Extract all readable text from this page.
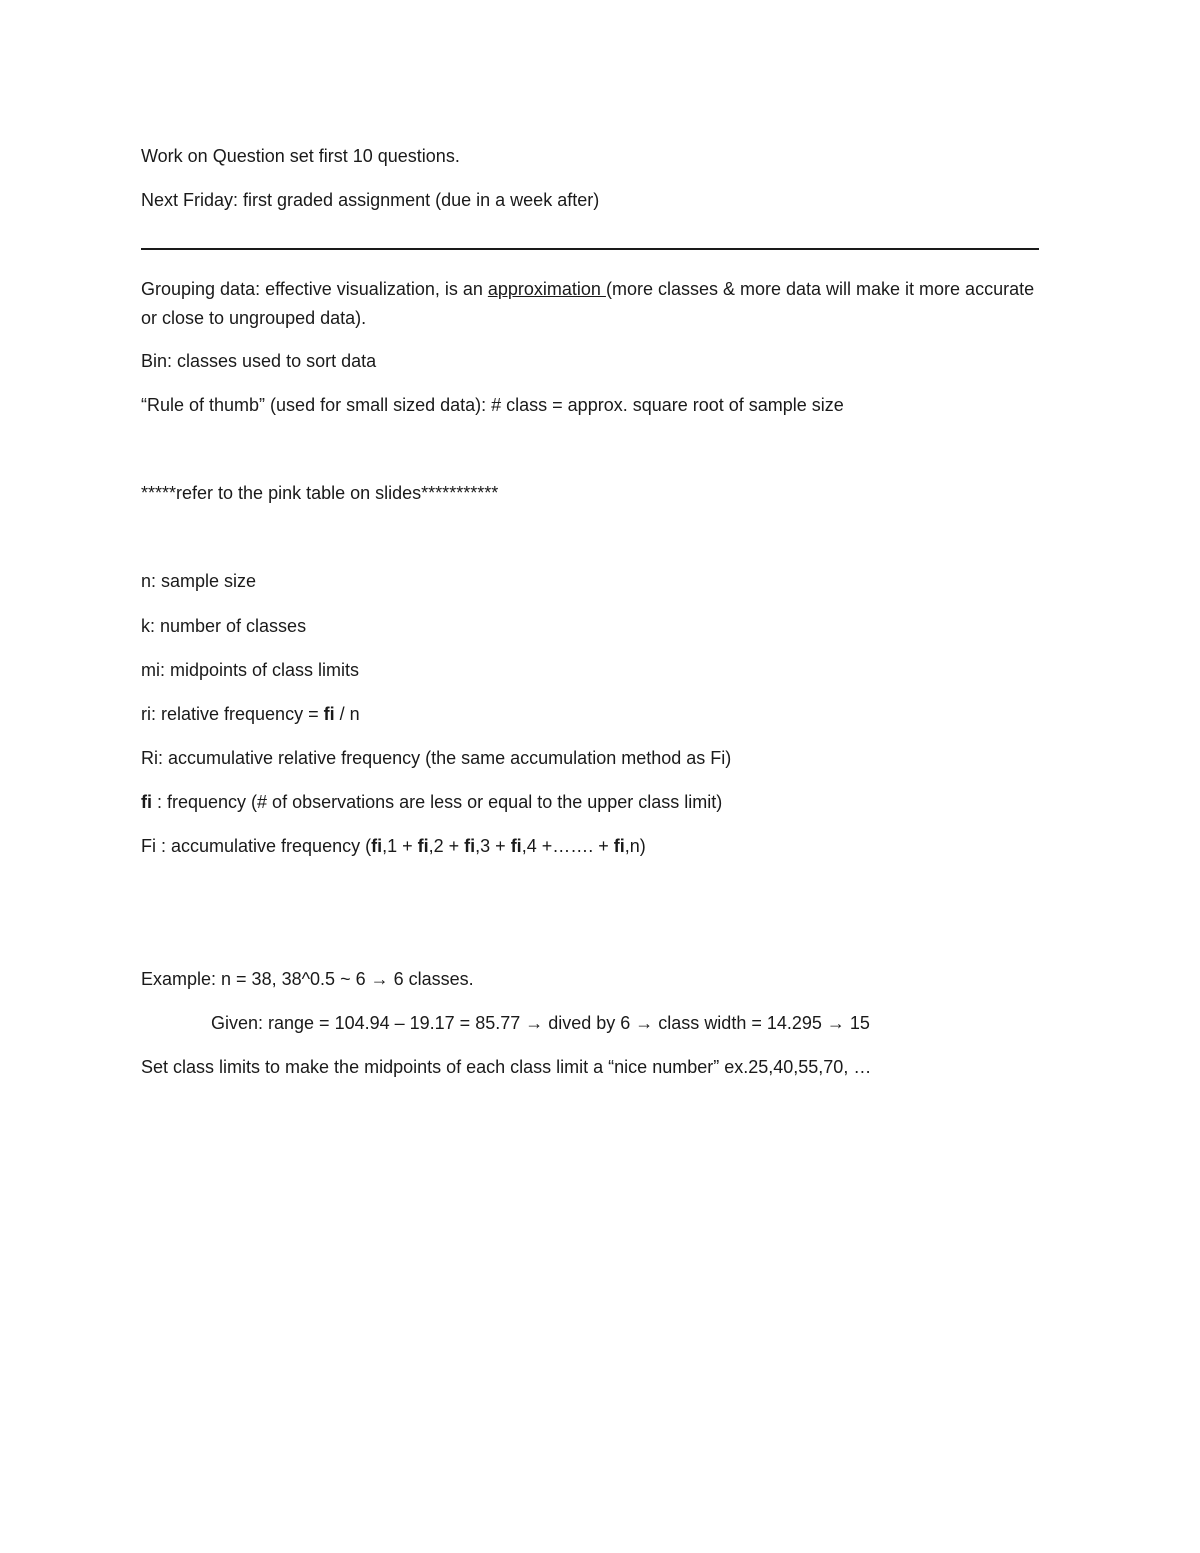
Work on Question set first 10 questions.
Next Friday: first graded assignment (due in a week after)
Grouping data: effective visualization, is an approximation (more classes & more data will make it more accurate or close to ungrouped data).
Bin: classes used to sort data
“Rule of thumb” (used for small sized data): # class = approx. square root of sample size
*****refer to the pink table on slides***********
n: sample size
k: number of classes
mi: midpoints of class limits
ri: relative frequency = fi / n
Ri: accumulative relative frequency (the same accumulation method as Fi)
fi : frequency (# of observations are less or equal to the upper class limit)
Fi : accumulative frequency (fi,1 + fi,2 + fi,3 + fi,4 +……. + fi,n)
Example: n = 38, 38^0.5 ~ 6 → 6 classes.
Given: range = 104.94 – 19.17 = 85.77 → dived by 6 → class width = 14.295 → 15
Set class limits to make the midpoints of each class limit a “nice number” ex.25,40,55,70, …
